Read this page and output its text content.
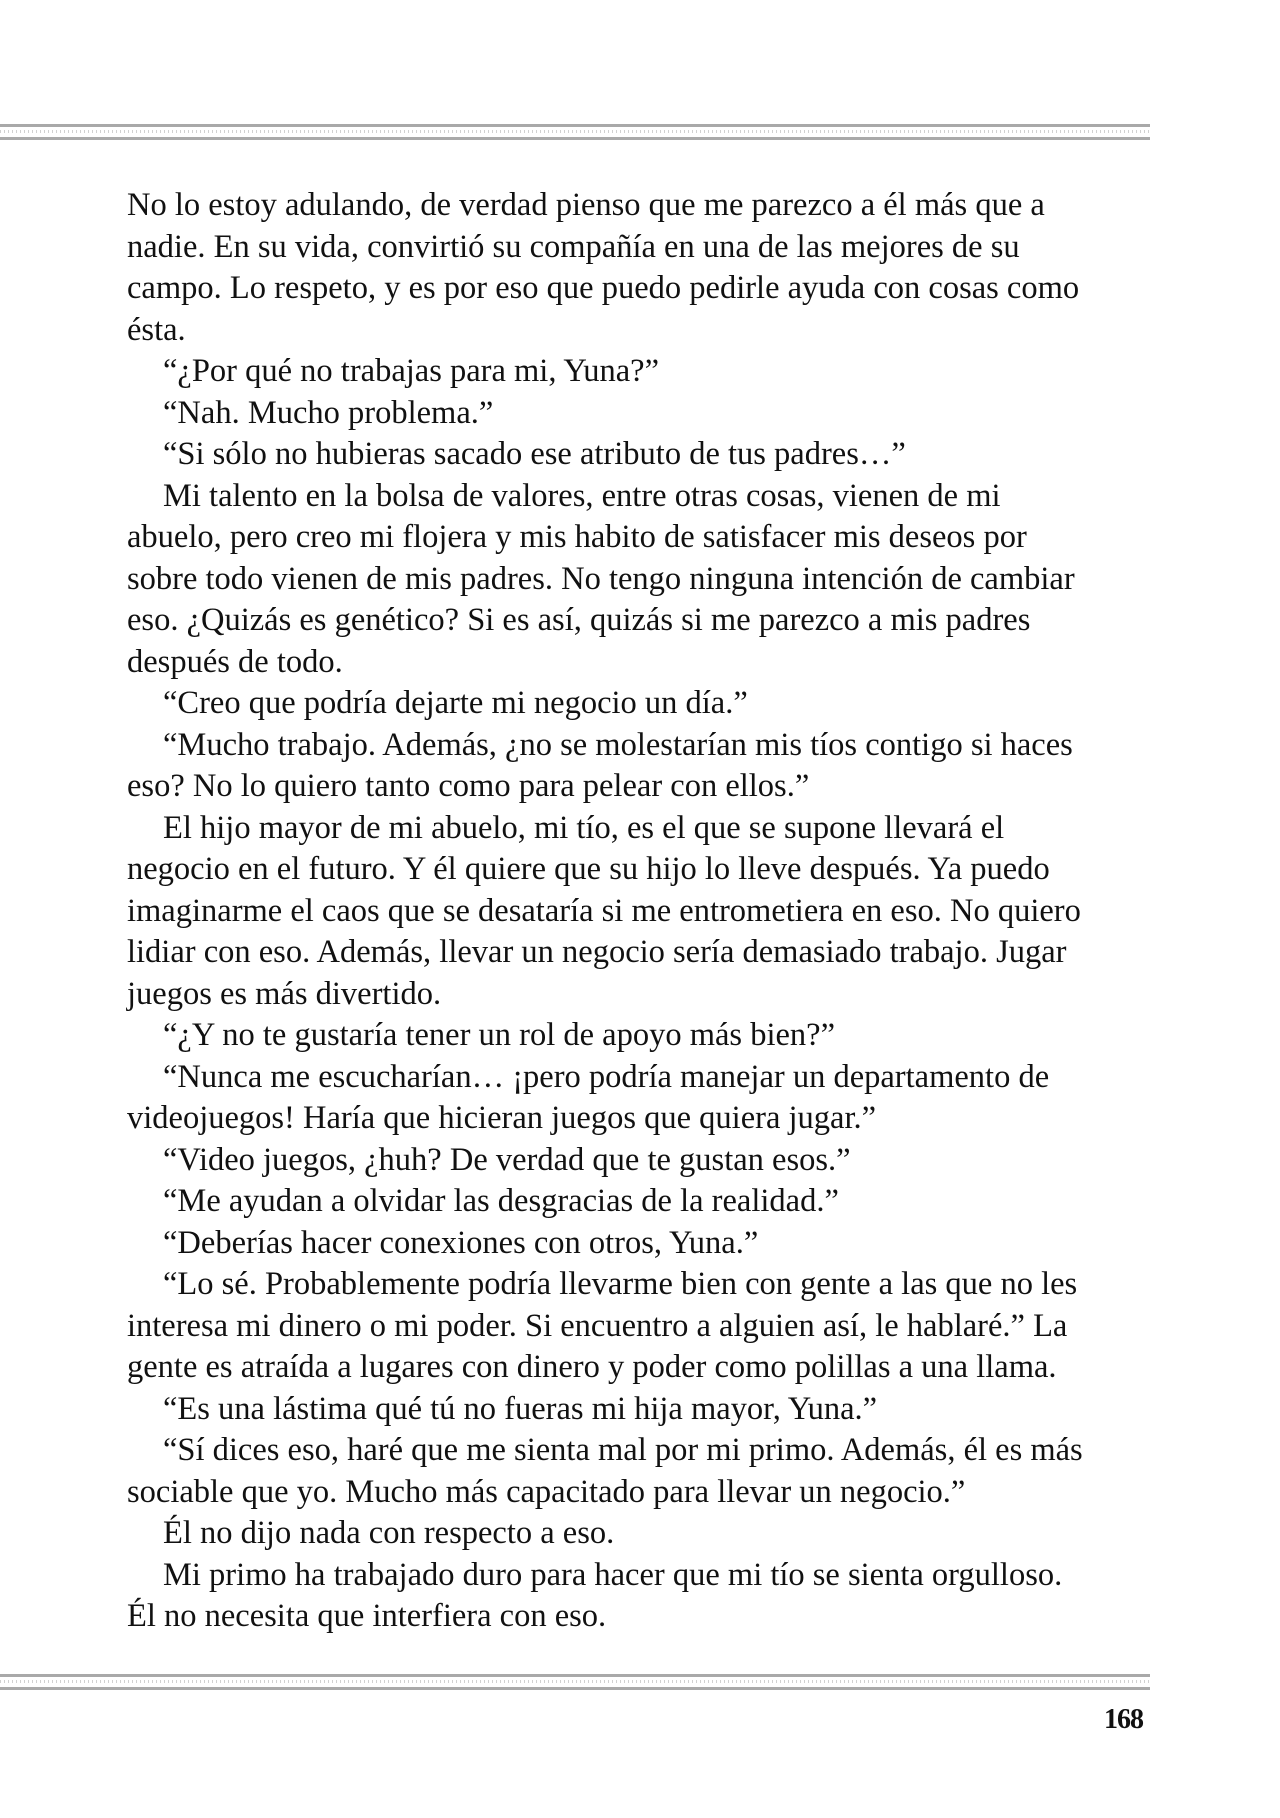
No lo estoy adulando, de verdad pienso que me parezco a él más que a
nadie. En su vida, convirtió su compañía en una de las mejores de su
campo. Lo respeto, y es por eso que puedo pedirle ayuda con cosas como
ésta.
“¿Por qué no trabajas para mi, Yuna?”
“Nah. Mucho problema.”
“Si sólo no hubieras sacado ese atributo de tus padres…”
Mi talento en la bolsa de valores, entre otras cosas, vienen de mi
abuelo, pero creo mi flojera y mis habito de satisfacer mis deseos por
sobre todo vienen de mis padres. No tengo ninguna intención de cambiar
eso. ¿Quizás es genético? Si es así, quizás si me parezco a mis padres
después de todo.
“Creo que podría dejarte mi negocio un día.”
“Mucho trabajo. Además, ¿no se molestarían mis tíos contigo si haces
eso? No lo quiero tanto como para pelear con ellos.”
El hijo mayor de mi abuelo, mi tío, es el que se supone llevará el
negocio en el futuro. Y él quiere que su hijo lo lleve después. Ya puedo
imaginarme el caos que se desataría si me entrometiera en eso. No quiero
lidiar con eso. Además, llevar un negocio sería demasiado trabajo. Jugar
juegos es más divertido.
“¿Y no te gustaría tener un rol de apoyo más bien?”
“Nunca me escucharían… ¡pero podría manejar un departamento de
videojuegos! Haría que hicieran juegos que quiera jugar.”
“Video juegos, ¿huh? De verdad que te gustan esos.”
“Me ayudan a olvidar las desgracias de la realidad.”
“Deberías hacer conexiones con otros, Yuna.”
“Lo sé. Probablemente podría llevarme bien con gente a las que no les
interesa mi dinero o mi poder. Si encuentro a alguien así, le hablaré.” La
gente es atraída a lugares con dinero y poder como polillas a una llama.
“Es una lástima qué tú no fueras mi hija mayor, Yuna.”
“Sí dices eso, haré que me sienta mal por mi primo. Además, él es más
sociable que yo. Mucho más capacitado para llevar un negocio.”
Él no dijo nada con respecto a eso.
Mi primo ha trabajado duro para hacer que mi tío se sienta orgulloso.
Él no necesita que interfiera con eso.
168
